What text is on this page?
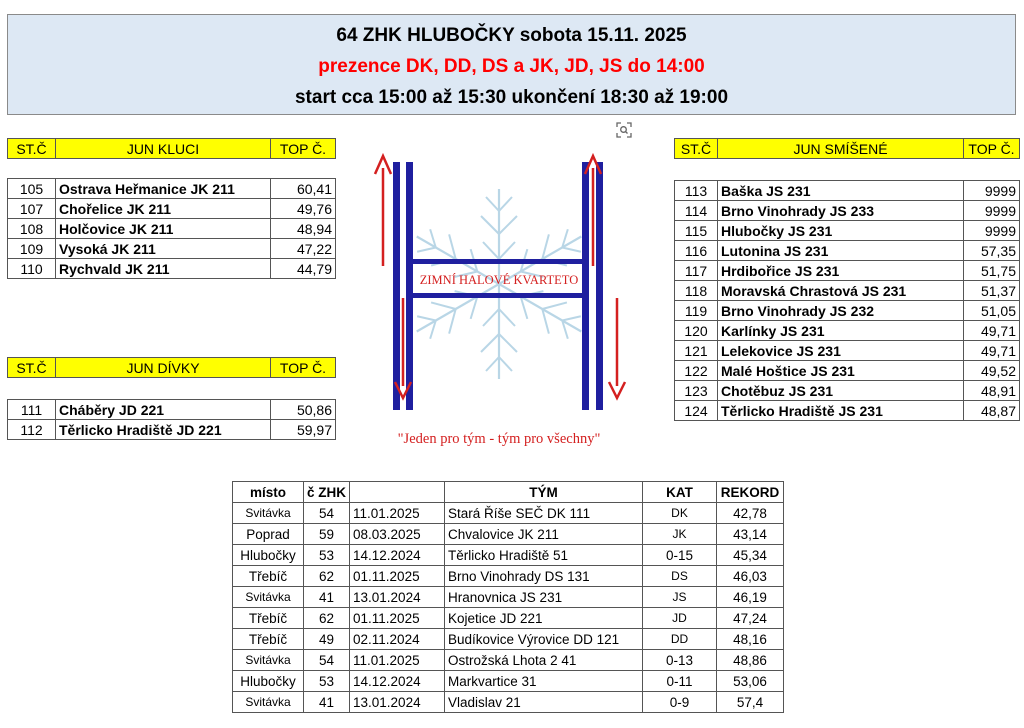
64 ZHK HLUBOČKY sobota 15.11. 2025
prezence DK, DD, DS a JK, JD, JS do 14:00
start cca 15:00 až 15:30 ukončení 18:30 až 19:00
ST.Č	JUN KLUCI	TOP Č.

105	Ostrava Heřmanice JK 211	60,41
107	Chořelice JK 211	49,76
108	Holčovice JK 211	48,94
109	Vysoká JK 211	47,22
110	Rychvald JK 211	44,79
ST.Č	JUN DÍVKY	TOP Č.

111	Cháběry JD 221	50,86
112	Těrlicko Hradiště JD 221	59,97
ST.Č	JUN SMÍŠENÉ	TOP Č.

113	Baška JS 231	9999
114	Brno Vinohrady JS 233	9999
115	Hlubočky JS 231	9999
116	Lutonina JS 231	57,35
117	Hrdibořice JS 231	51,75
118	Moravská Chrastová JS 231	51,37
119	Brno Vinohrady JS 232	51,05
120	Karlínky JS 231	49,71
121	Lelekovice JS 231	49,71
122	Malé Hoštice JS 231	49,52
123	Chotěbuz JS 231	48,91
124	Těrlicko Hradiště JS 231	48,87
ZIMNÍ HALOVÉ KVARTETO
"Jeden pro tým - tým pro všechny"
místo	č ZHK		TÝM	KAT	REKORD
Svitávka	54	11.01.2025	Stará Říše SEČ DK 111	DK	42,78
Poprad	59	08.03.2025	Chvalovice JK 211	JK	43,14
Hlubočky	53	14.12.2024	Těrlicko Hradiště 51	0-15	45,34
Třebíč	62	01.11.2025	Brno Vinohrady DS 131	DS	46,03
Svitávka	41	13.01.2024	Hranovnica JS 231	JS	46,19
Třebíč	62	01.11.2025	Kojetice JD 221	JD	47,24
Třebíč	49	02.11.2024	Budíkovice Výrovice DD 121	DD	48,16
Svitávka	54	11.01.2025	Ostrožská Lhota 2 41	0-13	48,86
Hlubočky	53	14.12.2024	Markvartice 31	0-11	53,06
Svitávka	41	13.01.2024	Vladislav 21	0-9	57,4
